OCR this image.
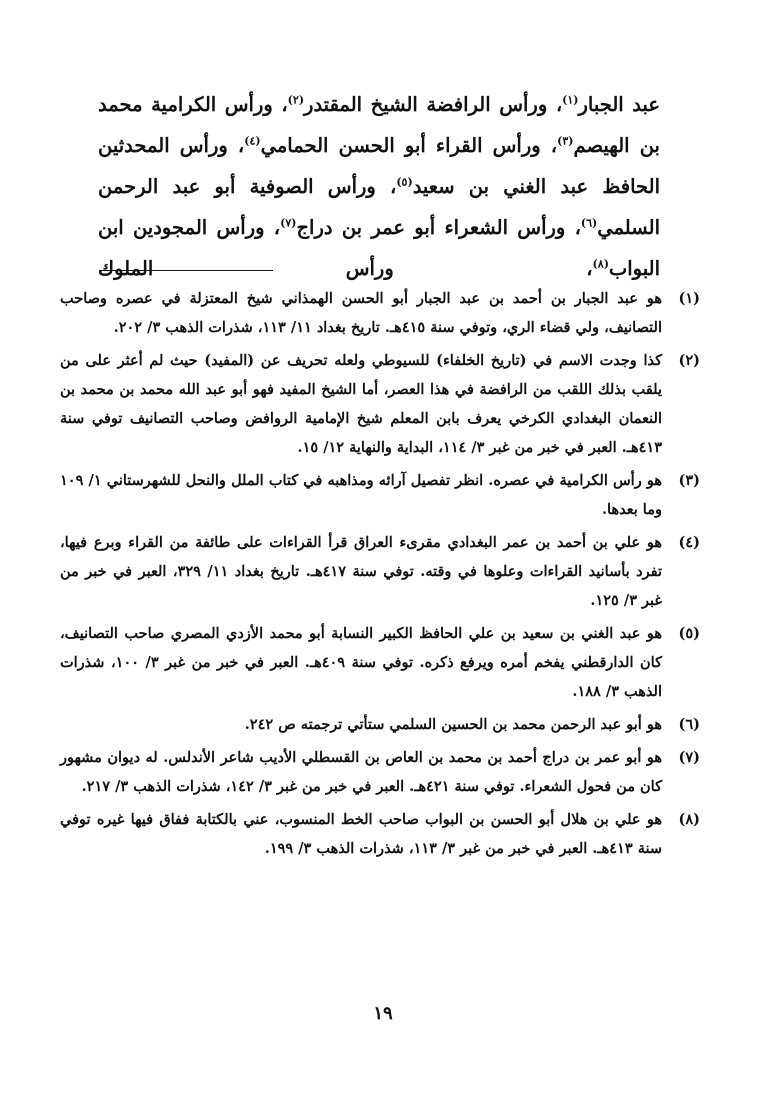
عبد الجبار$^{(١)}$، ورأس الرافضة الشيخ المقتدر$^{(٢)}$، ورأس الكرامية محمد بن الهيصم$^{(٣)}$، ورأس القراء أبو الحسن الحمامي$^{(٤)}$، ورأس المحدثين الحافظ عبد الغني بن سعيد$^{(٥)}$، ورأس الصوفية أبو عبد الرحمن السلمي$^{(٦)}$، ورأس الشعراء أبو عمر بن دراج$^{(٧)}$، ورأس المجودين ابن البواب$^{(٨)}$، ورأس الملوك

(١)
هو عبد الجبار بن أحمد بن عبد الجبار أبو الحسن الهمذاني شيخ المعتزلة في عصره وصاحب التصانيف، ولي قضاء الري، وتوفي سنة ٤١٥هـ. تاريخ بغداد ١١/ ١١٣، شذرات الذهب ٣/ ٢٠٢.
(٢)
كذا وجدت الاسم في (تاريخ الخلفاء) للسيوطي ولعله تحريف عن (المفيد) حيث لم أعثر على من يلقب بذلك اللقب من الرافضة في هذا العصر، أما الشيخ المفيد فهو أبو عبد الله محمد بن محمد بن النعمان البغدادي الكرخي يعرف بابن المعلم شيخ الإمامية الروافض وصاحب التصانيف توفي سنة ٤١٣هـ. العبر في خبر من غبر ٣/ ١١٤، البداية والنهاية ١٢/ ١٥.
(٣)
هو رأس الكرامية في عصره. انظر تفصيل آرائه ومذاهبه في كتاب الملل والنحل للشهرستاني ١/ ١٠٩ وما بعدها.
(٤)
هو علي بن أحمد بن عمر البغدادي مقرىء العراق قرأ القراءات على طائفة من القراء وبرع فيها، تفرد بأسانيد القراءات وعلوها في وقته. توفي سنة ٤١٧هـ. تاريخ بغداد ١١/ ٣٢٩، العبر في خبر من غبر ٣/ ١٢٥.
(٥)
هو عبد الغني بن سعيد بن علي الحافظ الكبير النسابة أبو محمد الأزدي المصري صاحب التصانيف، كان الدارقطني يفخم أمره ويرفع ذكره. توفي سنة ٤٠٩هـ. العبر في خبر من غبر ٣/ ١٠٠، شذرات الذهب ٣/ ١٨٨.
(٦)
هو أبو عبد الرحمن محمد بن الحسين السلمي ستأتي ترجمته ص ٢٤٢.
(٧)
هو أبو عمر بن دراج أحمد بن محمد بن العاص بن القسطلي الأديب شاعر الأندلس. له ديوان مشهور كان من فحول الشعراء. توفي سنة ٤٢١هـ. العبر في خبر من غبر ٣/ ١٤٢، شذرات الذهب ٣/ ٢١٧.
(٨)
هو علي بن هلال أبو الحسن بن البواب صاحب الخط المنسوب، عني بالكتابة ففاق فيها غيره توفي سنة ٤١٣هـ. العبر في خبر من غبر ٣/ ١١٣، شذرات الذهب ٣/ ١٩٩.
١٩
